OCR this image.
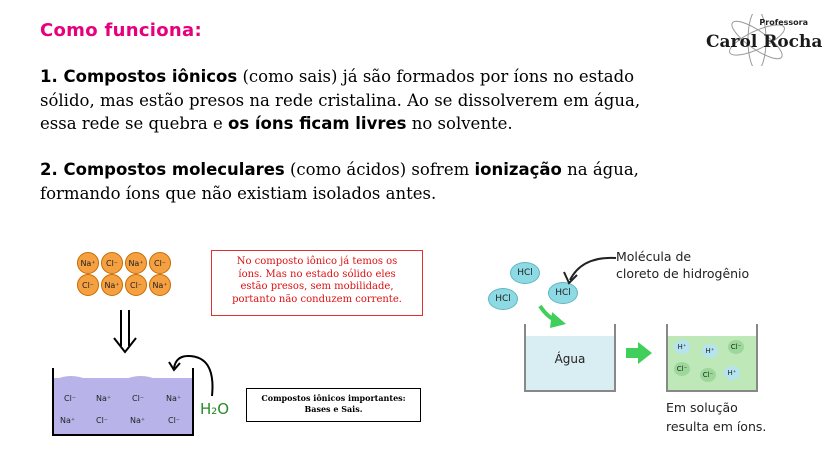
Como funciona:	Professora
Carol Rocha
1. Compostos iônicos (como sais) já são formados por íons no estado
sólido, mas estão presos na rede cristalina. Ao se dissolverem em água,
essa rede se quebra e os íons ficam livres no solvente.
2. Compostos moleculares (como ácidos) sofrem ionização na água,
formando íons que não existiam isolados antes.
Na⁺	Cl⁻	Na⁺	Cl⁻
Cl⁻	Na⁺	Cl⁻	Na⁺
No composto iônico já temos os
íons. Mas no estado sólido eles
estão presos, sem mobilidade,
portanto não conduzem corrente.
Cl⁻ Na⁺	Cl⁻	Na⁺
Na⁺	Cl⁻	Na⁺	Cl⁻
H₂O
Compostos iônicos importantes:
Bases e Sais.
HCl
HCl
HCl
Molécula de
cloreto de hidrogênio
Água
H⁺	H⁺	Cl⁻
Cl⁻
Cl⁻	H⁺
Em solução
resulta em íons.
